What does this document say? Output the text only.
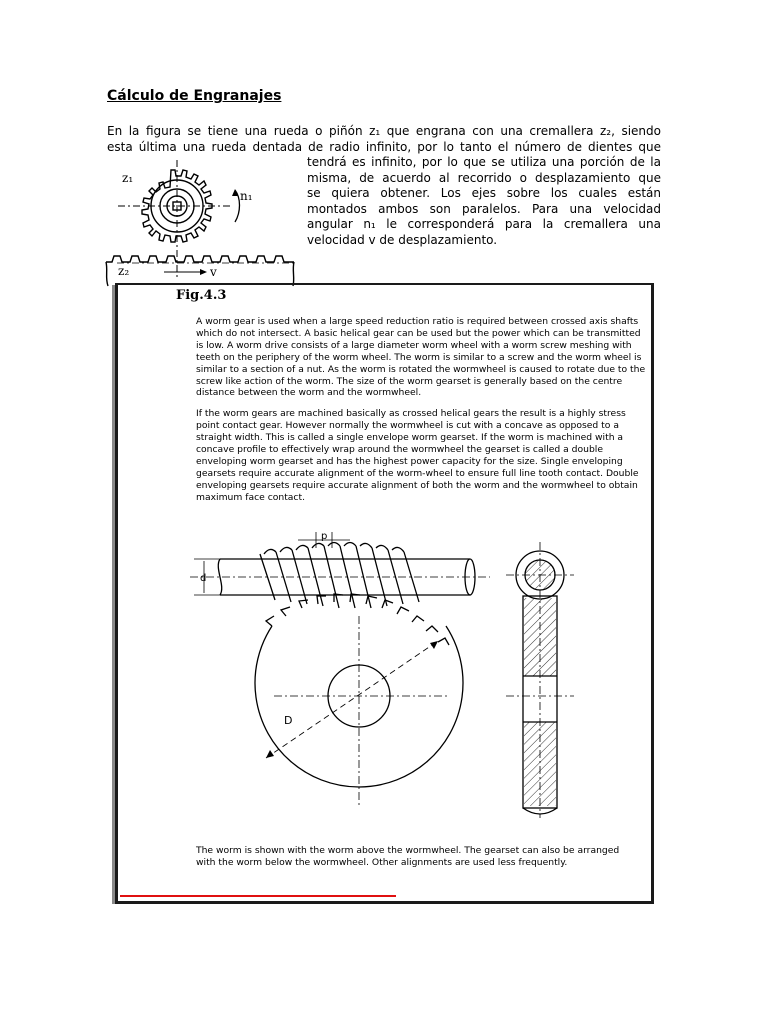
Cálculo de Engranajes
En la figura se tiene una rueda o piñón z₁ que engrana con una cremallera z₂, siendo
esta última una rueda dentada de radio infinito, por lo tanto el número de dientes que
tendrá es infinito, por lo que se utiliza una porción de la
misma, de acuerdo al recorrido o desplazamiento que
se quiera obtener. Los ejes sobre los cuales están
montados ambos son paralelos. Para una velocidad
angular n₁ le corresponderá para la cremallera una
velocidad v de desplazamiento.
z₁
n₁
z₂	v
Fig.4.3

A worm gear is used when a large speed reduction ratio is required between crossed axis shafts which do not intersect. A basic helical gear can be used but the power which can be transmitted is low. A worm drive consists of a large diameter worm wheel with a worm screw meshing with teeth on the periphery of the worm wheel. The worm is similar to a screw and the worm wheel is similar to a section of a nut. As the worm is rotated the wormwheel is caused to rotate due to the screw like action of the worm. The size of the worm gearset is generally based on the centre distance between the worm and the wormwheel.

If the worm gears are machined basically as crossed helical gears the result is a highly stress point contact gear. However normally the wormwheel is cut with a concave as opposed to a straight width. This is called a single envelope worm gearset. If the worm is machined with a concave profile to effectively wrap around the wormwheel the gearset is called a double enveloping worm gearset and has the highest power capacity for the size. Single enveloping gearsets require accurate alignment of the worm-wheel to ensure full line tooth contact. Double enveloping gearsets require accurate alignment of both the worm and the wormwheel to obtain maximum face contact.

p
d
D
The worm is shown with the worm above the wormwheel. The gearset can also be arranged with the worm below the wormwheel. Other alignments are used less frequently.
